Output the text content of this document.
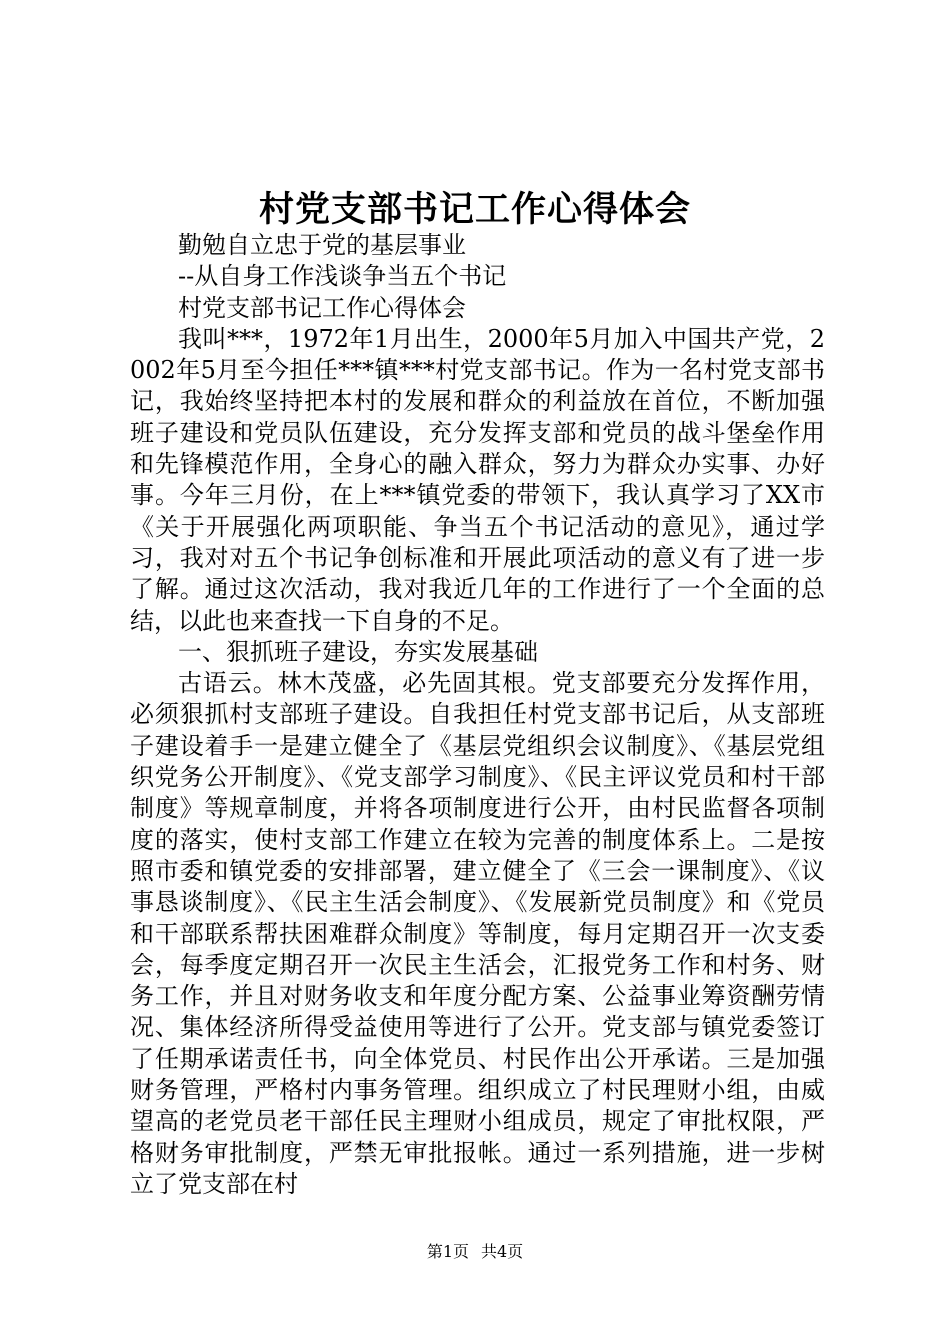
村党支部书记工作心得体会

勤勉自立忠于党的基层事业

--从自身工作浅谈争当五个书记

村党支部书记工作心得体会

我叫***，1972年1月出生，2000年5月加入中国共产党，2002年5月至今担任***镇***村党支部书记。作为一名村党支部书记，我始终坚持把本村的发展和群众的利益放在首位，不断加强班子建设和党员队伍建设，充分发挥支部和党员的战斗堡垒作用和先锋模范作用，全身心的融入群众，努力为群众办实事、办好事。今年三月份，在上***镇党委的带领下，我认真学习了XX市《关于开展强化两项职能、争当五个书记活动的意见》，通过学习，我对对五个书记争创标准和开展此项活动的意义有了进一步了解。通过这次活动，我对我近几年的工作进行了一个全面的总结，以此也来查找一下自身的不足。

一、狠抓班子建设，夯实发展基础

古语云。林木茂盛，必先固其根。党支部要充分发挥作用，必须狠抓村支部班子建设。自我担任村党支部书记后，从支部班子建设着手一是建立健全了《基层党组织会议制度》、《基层党组织党务公开制度》、《党支部学习制度》、《民主评议党员和村干部制度》等规章制度，并将各项制度进行公开，由村民监督各项制度的落实，使村支部工作建立在较为完善的制度体系上。二是按照市委和镇党委的安排部署，建立健全了《三会一课制度》、《议事恳谈制度》、《民主生活会制度》、《发展新党员制度》和《党员和干部联系帮扶困难群众制度》等制度，每月定期召开一次支委会，每季度定期召开一次民主生活会，汇报党务工作和村务、财务工作，并且对财务收支和年度分配方案、公益事业筹资酬劳情况、集体经济所得受益使用等进行了公开。党支部与镇党委签订了任期承诺责任书，向全体党员、村民作出公开承诺。三是加强财务管理，严格村内事务管理。组织成立了村民理财小组，由威望高的老党员老干部任民主理财小组成员，规定了审批权限，严格财务审批制度，严禁无审批报帐。通过一系列措施，进一步树立了党支部在村

第1页 共4页
